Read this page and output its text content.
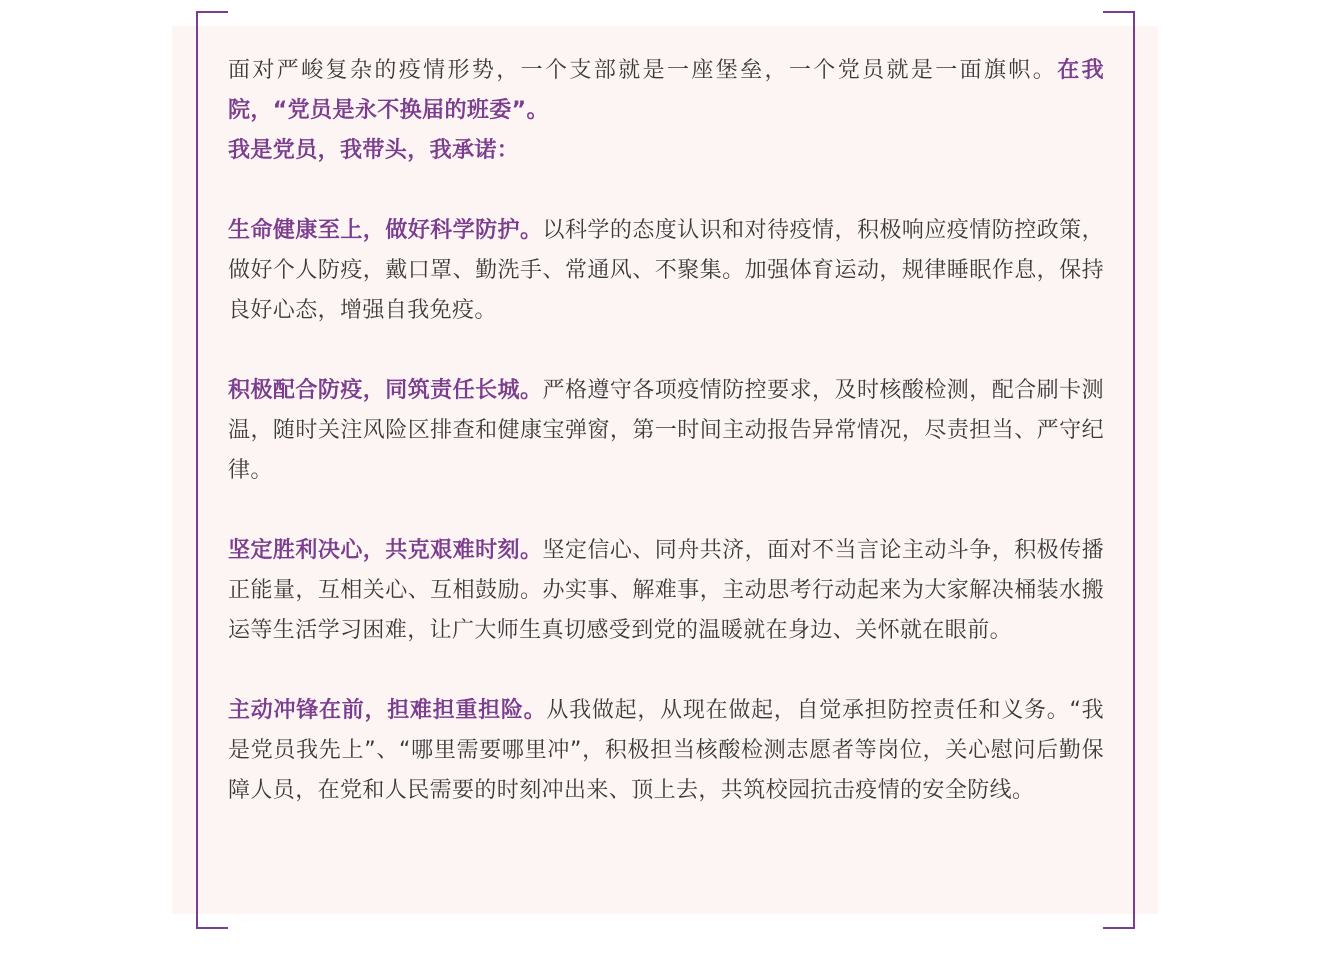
面对严峻复杂的疫情形势，一个支部就是一座堡垒，一个党员就是一面旗帜。在我院，“党员是永不换届的班委”。

我是党员，我带头，我承诺：

生命健康至上，做好科学防护。以科学的态度认识和对待疫情，积极响应疫情防控政策，做好个人防疫，戴口罩、勤洗手、常通风、不聚集。加强体育运动，规律睡眠作息，保持良好心态，增强自我免疫。

积极配合防疫，同筑责任长城。严格遵守各项疫情防控要求，及时核酸检测，配合刷卡测温，随时关注风险区排查和健康宝弹窗，第一时间主动报告异常情况，尽责担当、严守纪律。

坚定胜利决心，共克艰难时刻。坚定信心、同舟共济，面对不当言论主动斗争，积极传播正能量，互相关心、互相鼓励。办实事、解难事，主动思考行动起来为大家解决桶装水搬运等生活学习困难，让广大师生真切感受到党的温暖就在身边、关怀就在眼前。

主动冲锋在前，担难担重担险。从我做起，从现在做起，自觉承担防控责任和义务。“我是党员我先上”、“哪里需要哪里冲”，积极担当核酸检测志愿者等岗位，关心慰问后勤保障人员，在党和人民需要的时刻冲出来、顶上去，共筑校园抗击疫情的安全防线。
